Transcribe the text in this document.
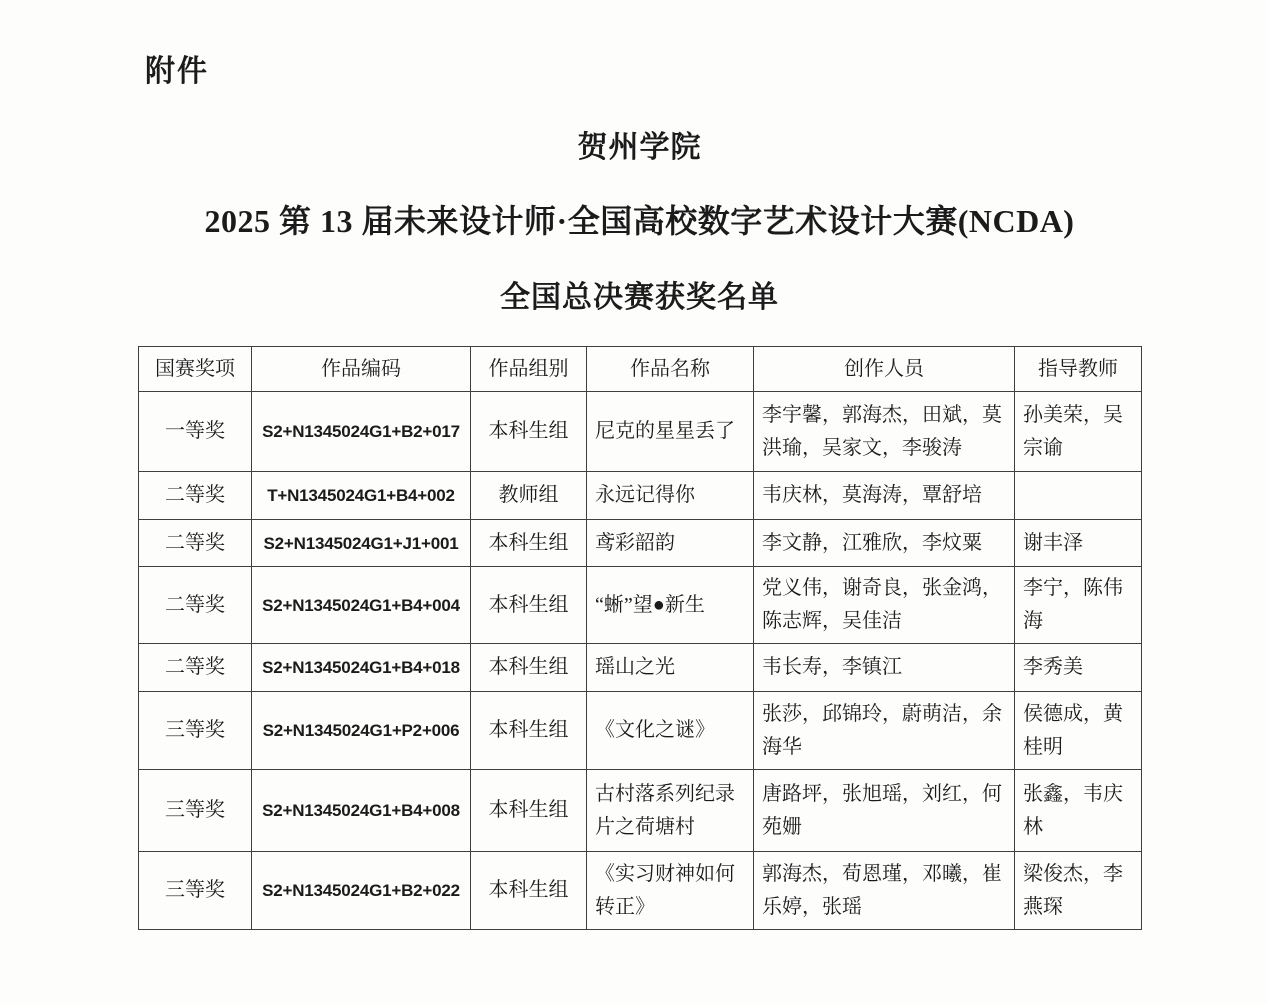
附件
贺州学院
2025 第 13 届未来设计师·全国高校数字艺术设计大赛(NCDA)
全国总决赛获奖名单
国赛奖项	作品编码	作品组别	作品名称	创作人员	指导教师
一等奖	S2+N1345024G1+B2+017	本科生组	尼克的星星丢了	李宇馨，郭海杰，田斌，莫洪瑜，吴家文，李骏涛	孙美荣，吴宗谕
二等奖	T+N1345024G1+B4+002	教师组	永远记得你	韦庆林，莫海涛，覃舒培	
二等奖	S2+N1345024G1+J1+001	本科生组	鸢彩韶韵	李文静，江雅欣，李炆粟	谢丰泽
二等奖	S2+N1345024G1+B4+004	本科生组	“蜥”望●新生	党义伟，谢奇良，张金鸿，陈志辉，吴佳洁	李宁，陈伟海
二等奖	S2+N1345024G1+B4+018	本科生组	瑶山之光	韦长寿，李镇江	李秀美
三等奖	S2+N1345024G1+P2+006	本科生组	《文化之谜》	张莎，邱锦玲，蔚萌洁，余海华	侯德成，黄桂明
三等奖	S2+N1345024G1+B4+008	本科生组	古村落系列纪录片之荷塘村	唐路坪，张旭瑶，刘红，何苑姗	张鑫，韦庆林
三等奖	S2+N1345024G1+B2+022	本科生组	《实习财神如何转正》	郭海杰，荀恩瑾，邓曦，崔乐婷，张瑶	梁俊杰，李燕琛
